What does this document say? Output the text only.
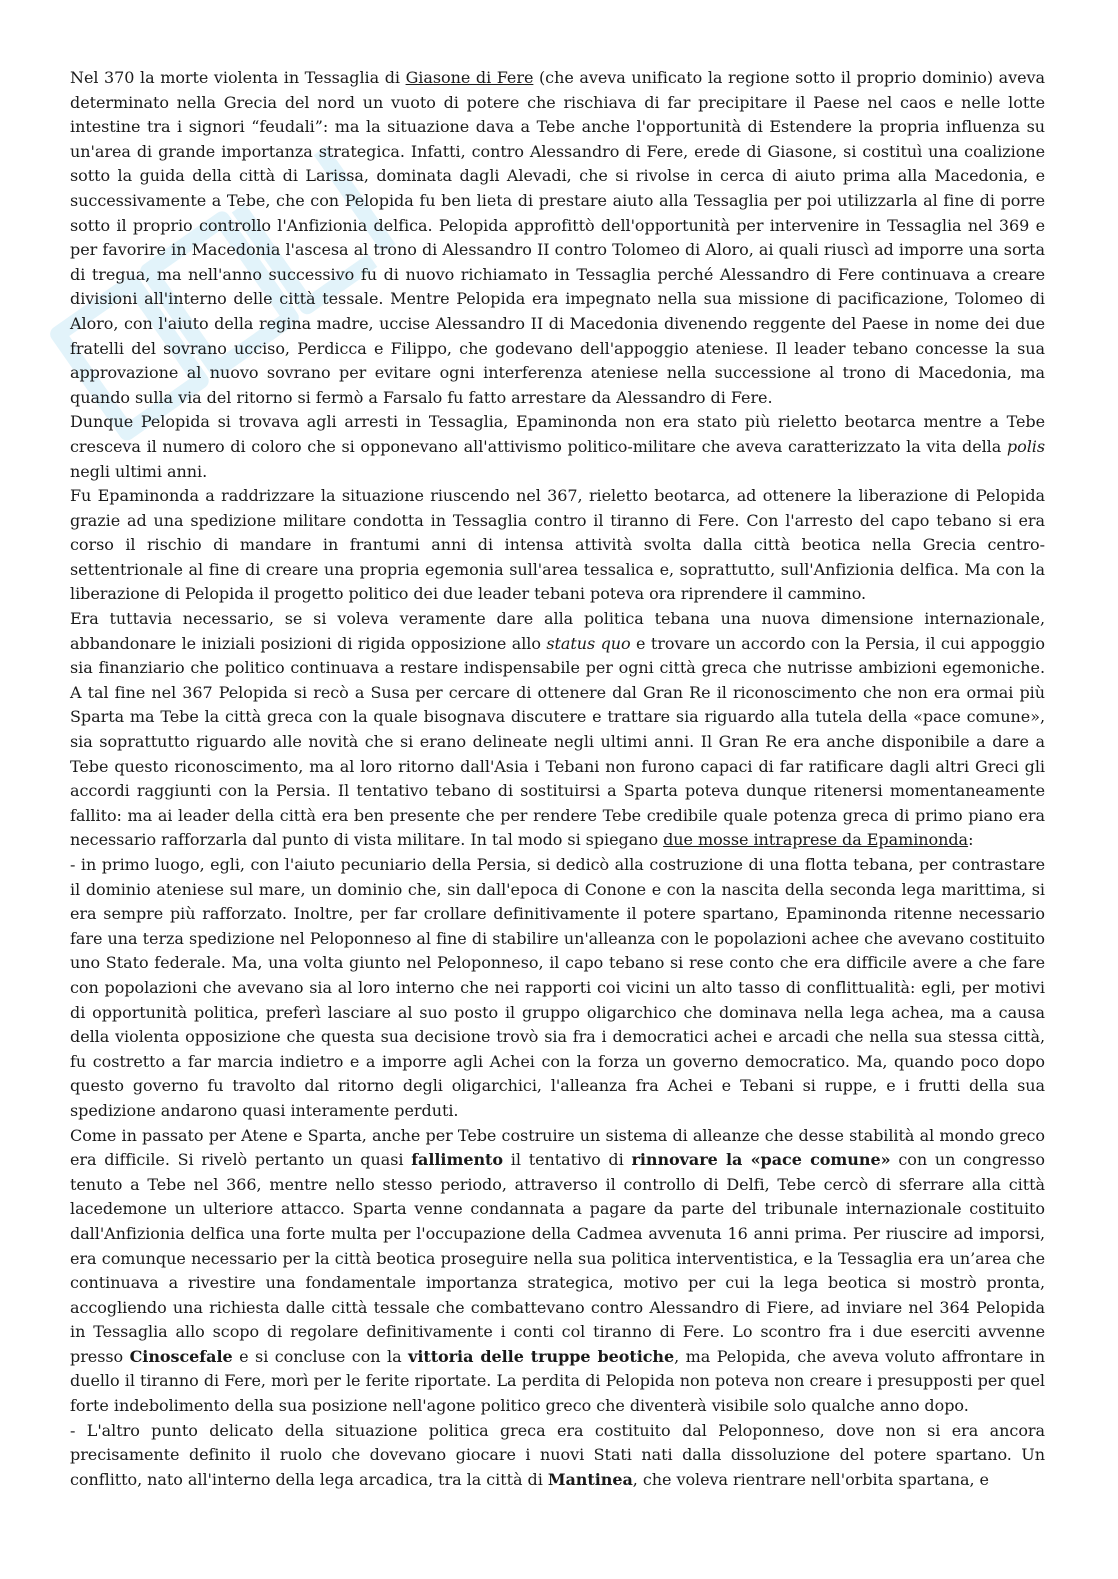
Nel 370 la morte violenta in Tessaglia di Giasone di Fere (che aveva unificato la regione sotto il proprio dominio) aveva determinato nella Grecia del nord un vuoto di potere che rischiava di far precipitare il Paese nel caos e nelle lotte intestine tra i signori “feudali”: ma la situazione dava a Tebe anche l'opportunità di Estendere la propria influenza su un'area di grande importanza strategica. Infatti, contro Alessandro di Fere, erede di Giasone, si costituì una coalizione sotto la guida della città di Larissa, dominata dagli Alevadi, che si rivolse in cerca di aiuto prima alla Macedonia, e successivamente a Tebe, che con Pelopida fu ben lieta di prestare aiuto alla Tessaglia per poi utilizzarla al fine di porre sotto il proprio controllo l'Anfizionia delfica. Pelopida approfittò dell'opportunità per intervenire in Tessaglia nel 369 e per favorire in Macedonia l'ascesa al trono di Alessandro II contro Tolomeo di Aloro, ai quali riuscì ad imporre una sorta di tregua, ma nell'anno successivo fu di nuovo richiamato in Tessaglia perché Alessandro di Fere continuava a creare divisioni all'interno delle città tessale. Mentre Pelopida era impegnato nella sua missione di pacificazione, Tolomeo di Aloro, con l'aiuto della regina madre, uccise Alessandro II di Macedonia divenendo reggente del Paese in nome dei due fratelli del sovrano ucciso, Perdicca e Filippo, che godevano dell'appoggio ateniese. Il leader tebano concesse la sua approvazione al nuovo sovrano per evitare ogni interferenza ateniese nella successione al trono di Macedonia, ma quando sulla via del ritorno si fermò a Farsalo fu fatto arrestare da Alessandro di Fere.

Dunque Pelopida si trovava agli arresti in Tessaglia, Epaminonda non era stato più rieletto beotarca mentre a Tebe cresceva il numero di coloro che si opponevano all'attivismo politico-militare che aveva caratterizzato la vita della polis negli ultimi anni.

Fu Epaminonda a raddrizzare la situazione riuscendo nel 367, rieletto beotarca, ad ottenere la liberazione di Pelopida grazie ad una spedizione militare condotta in Tessaglia contro il tiranno di Fere. Con l'arresto del capo tebano si era corso il rischio di mandare in frantumi anni di intensa attività svolta dalla città beotica nella Grecia centro-settentrionale al fine di creare una propria egemonia sull'area tessalica e, soprattutto, sull'Anfizionia delfica. Ma con la liberazione di Pelopida il progetto politico dei due leader tebani poteva ora riprendere il cammino.

Era tuttavia necessario, se si voleva veramente dare alla politica tebana una nuova dimensione internazionale, abbandonare le iniziali posizioni di rigida opposizione allo status quo e trovare un accordo con la Persia, il cui appoggio sia finanziario che politico continuava a restare indispensabile per ogni città greca che nutrisse ambizioni egemoniche. A tal fine nel 367 Pelopida si recò a Susa per cercare di ottenere dal Gran Re il riconoscimento che non era ormai più Sparta ma Tebe la città greca con la quale bisognava discutere e trattare sia riguardo alla tutela della «pace comune», sia soprattutto riguardo alle novità che si erano delineate negli ultimi anni. Il Gran Re era anche disponibile a dare a Tebe questo riconoscimento, ma al loro ritorno dall'Asia i Tebani non furono capaci di far ratificare dagli altri Greci gli accordi raggiunti con la Persia. Il tentativo tebano di sostituirsi a Sparta poteva dunque ritenersi momentaneamente fallito: ma ai leader della città era ben presente che per rendere Tebe credibile quale potenza greca di primo piano era necessario rafforzarla dal punto di vista militare. In tal modo si spiegano due mosse intraprese da Epaminonda:

- in primo luogo, egli, con l'aiuto pecuniario della Persia, si dedicò alla costruzione di una flotta tebana, per contrastare il dominio ateniese sul mare, un dominio che, sin dall'epoca di Conone e con la nascita della seconda lega marittima, si era sempre più rafforzato. Inoltre, per far crollare definitivamente il potere spartano, Epaminonda ritenne necessario fare una terza spedizione nel Peloponneso al fine di stabilire un'alleanza con le popolazioni achee che avevano costituito uno Stato federale. Ma, una volta giunto nel Peloponneso, il capo tebano si rese conto che era difficile avere a che fare con popolazioni che avevano sia al loro interno che nei rapporti coi vicini un alto tasso di conflittualità: egli, per motivi di opportunità politica, preferì lasciare al suo posto il gruppo oligarchico che dominava nella lega achea, ma a causa della violenta opposizione che questa sua decisione trovò sia fra i democratici achei e arcadi che nella sua stessa città, fu costretto a far marcia indietro e a imporre agli Achei con la forza un governo democratico. Ma, quando poco dopo questo governo fu travolto dal ritorno degli oligarchici, l'alleanza fra Achei e Tebani si ruppe, e i frutti della sua spedizione andarono quasi interamente perduti.

Come in passato per Atene e Sparta, anche per Tebe costruire un sistema di alleanze che desse stabilità al mondo greco era difficile. Si rivelò pertanto un quasi fallimento il tentativo di rinnovare la «pace comune» con un congresso tenuto a Tebe nel 366, mentre nello stesso periodo, attraverso il controllo di Delfi, Tebe cercò di sferrare alla città lacedemone un ulteriore attacco. Sparta venne condannata a pagare da parte del tribunale internazionale costituito dall'Anfizionia delfica una forte multa per l'occupazione della Cadmea avvenuta 16 anni prima. Per riuscire ad imporsi, era comunque necessario per la città beotica proseguire nella sua politica interventistica, e la Tessaglia era un’area che continuava a rivestire una fondamentale importanza strategica, motivo per cui la lega beotica si mostrò pronta, accogliendo una richiesta dalle città tessale che combattevano contro Alessandro di Fiere, ad inviare nel 364 Pelopida in Tessaglia allo scopo di regolare definitivamente i conti col tiranno di Fere. Lo scontro fra i due eserciti avvenne presso Cinoscefale e si concluse con la vittoria delle truppe beotiche, ma Pelopida, che aveva voluto affrontare in duello il tiranno di Fere, morì per le ferite riportate. La perdita di Pelopida non poteva non creare i presupposti per quel forte indebolimento della sua posizione nell'agone politico greco che diventerà visibile solo qualche anno dopo.

- L'altro punto delicato della situazione politica greca era costituito dal Peloponneso, dove non si era ancora precisamente definito il ruolo che dovevano giocare i nuovi Stati nati dalla dissoluzione del potere spartano. Un conflitto, nato all'interno della lega arcadica, tra la città di Mantinea, che voleva rientrare nell'orbita spartana, e
